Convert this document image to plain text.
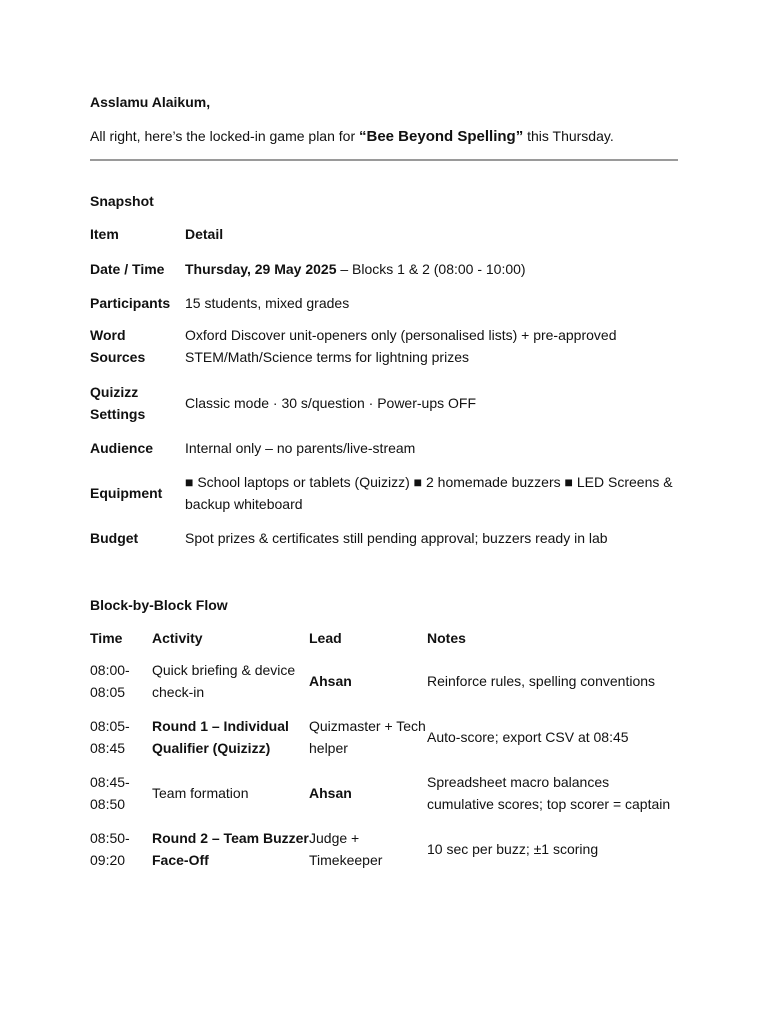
Asslamu Alaikum,

All right, here’s the locked-in game plan for “Bee Beyond Spelling” this Thursday.

Snapshot

Item	Detail
Date / Time	Thursday, 29 May 2025 – Blocks 1 & 2 (08:00 - 10:00)
Participants	15 students, mixed grades
Word Sources	Oxford Discover unit-openers only (personalised lists) + pre-approved STEM/Math/Science terms for lightning prizes
Quizizz Settings	Classic mode · 30 s/question · Power-ups OFF
Audience	Internal only – no parents/live-stream
Equipment	■ School laptops or tablets (Quizizz) ■ 2 homemade buzzers ■ LED Screens & backup whiteboard
Budget	Spot prizes & certificates still pending approval; buzzers ready in lab

Block-by-Block Flow

Time	Activity	Lead	Notes
08:00-08:05	Quick briefing & device check-in	Ahsan	Reinforce rules, spelling conventions
08:05-08:45	Round 1 – Individual Qualifier (Quizizz)	Quizmaster + Tech helper	Auto-score; export CSV at 08:45
08:45-08:50	Team formation	Ahsan	Spreadsheet macro balances cumulative scores; top scorer = captain
08:50-09:20	Round 2 – Team Buzzer Face-Off	Judge + Timekeeper	10 sec per buzz; ±1 scoring
